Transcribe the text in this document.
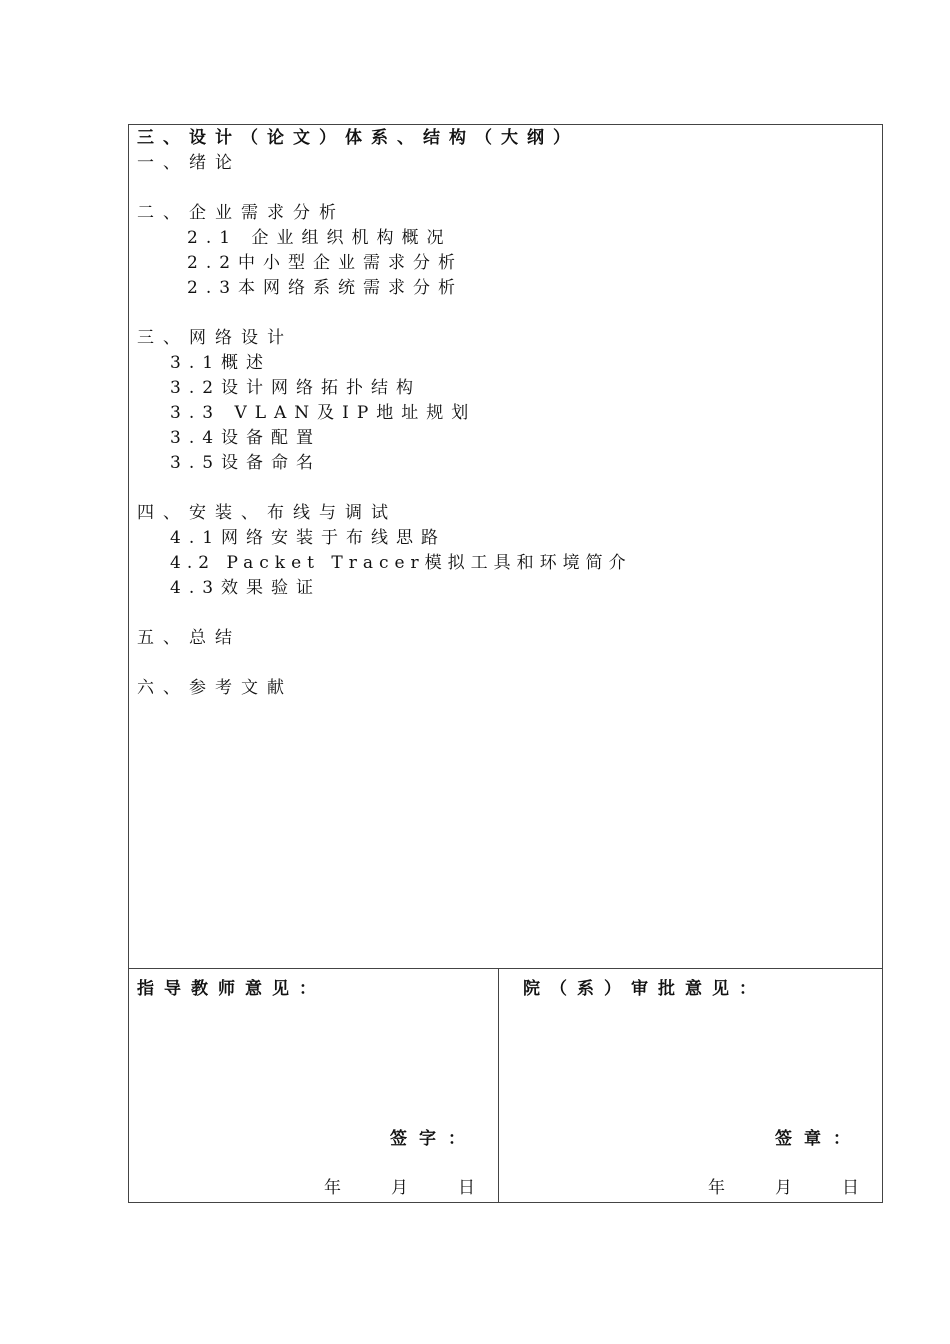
三、设计（论文）体系、结构（大纲）
一、绪论
二、企业需求分析
2.1 企业组织机构概况
2.2中小型企业需求分析
2.3本网络系统需求分析
三、网络设计
3.1概述
3.2设计网络拓扑结构
3.3 VLAN及IP地址规划
3.4设备配置
3.5设备命名
四、安装、布线与调试
4.1网络安装于布线思路
4.2 Packet Tracer模拟工具和环境简介
4.3效果验证
五、总结
六、参考文献
指导教师意见：
签字：

年

	月

	日

院（系）审批意见：
签章：

年

	月

	日
